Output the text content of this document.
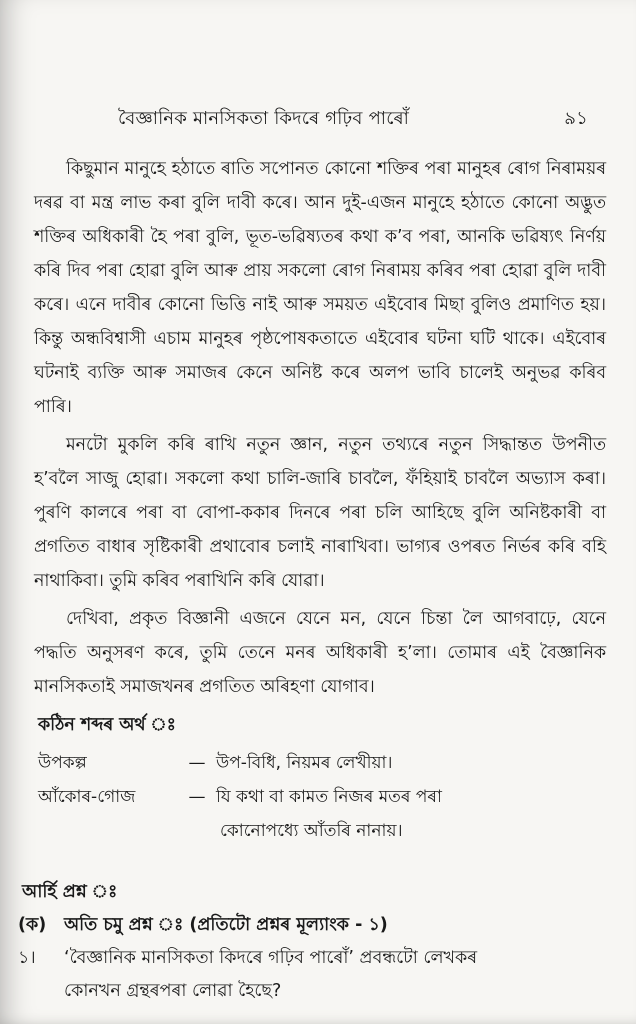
বৈজ্ঞানিক মানসিকতা কিদৰে গঢ়িব পাৰোঁ	৯১

কিছুমান মানুহে হঠাতে ৰাতি সপোনত কোনো শক্তিৰ পৰা মানুহৰ ৰোগ নিৰাময়ৰ দৰৱ বা মন্ত্ৰ লাভ কৰা বুলি দাবী কৰে। আন দুই-এজন মানুহে হঠাতে কোনো অদ্ভুত শক্তিৰ অধিকাৰী হৈ পৰা বুলি, ভূত-ভৱিষ্যতৰ কথা ক’ব পৰা, আনকি ভৱিষ্যৎ নিৰ্ণয় কৰি দিব পৰা হোৱা বুলি আৰু প্ৰায় সকলো ৰোগ নিৰাময় কৰিব পৰা হোৱা বুলি দাবী কৰে। এনে দাবীৰ কোনো ভিত্তি নাই আৰু সময়ত এইবোৰ মিছা বুলিও প্ৰমাণিত হয়। কিন্তু অন্ধবিশ্বাসী এচাম মানুহৰ পৃষ্ঠপোষকতাতে এইবোৰ ঘটনা ঘটি থাকে। এইবোৰ ঘটনাই ব্যক্তি আৰু সমাজৰ কেনে অনিষ্ট কৰে অলপ ভাবি চালেই অনুভৱ কৰিব পাৰি।

মনটো মুকলি কৰি ৰাখি নতুন জ্ঞান, নতুন তথ্যৰে নতুন সিদ্ধান্তত উপনীত হ’বলৈ সাজু হোৱা। সকলো কথা চালি-জাৰি চাবলৈ, ফঁহিয়াই চাবলৈ অভ্যাস কৰা। পুৰণি কালৰে পৰা বা বোপা-ককাৰ দিনৰে পৰা চলি আহিছে বুলি অনিষ্টকাৰী বা প্ৰগতিত বাধাৰ সৃষ্টিকাৰী প্ৰথাবোৰ চলাই নাৰাখিবা। ভাগ্যৰ ওপৰত নিৰ্ভৰ কৰি বহি নাথাকিবা। তুমি কৰিব পৰাখিনি কৰি যোৱা।

দেখিবা, প্ৰকৃত বিজ্ঞানী এজনে যেনে মন, যেনে চিন্তা লৈ আগবাঢ়ে, যেনে পদ্ধতি অনুসৰণ কৰে, তুমি তেনে মনৰ অধিকাৰী হ’লা। তোমাৰ এই বৈজ্ঞানিক মানসিকতাই সমাজখনৰ প্ৰগতিত অৰিহণা যোগাব।

কঠিন শব্দৰ অৰ্থ ঃ
উপকল্প	— উপ-বিধি, নিয়মৰ লেখীয়া।
আঁকোৰ-গোজ	— যি কথা বা কামত নিজৰ মতৰ পৰা
কোনোপধ্যে আঁতৰি নানায়।
আৰ্হি প্ৰশ্ন ঃ
(ক)	অতি চমু প্ৰশ্ন ঃ (প্ৰতিটো প্ৰশ্নৰ মূল্যাংক - ১)
১।	‘বৈজ্ঞানিক মানসিকতা কিদৰে গঢ়িব পাৰোঁ’ প্ৰবন্ধটো লেখকৰ
কোনখন গ্ৰন্থৰপৰা লোৱা হৈছে?
